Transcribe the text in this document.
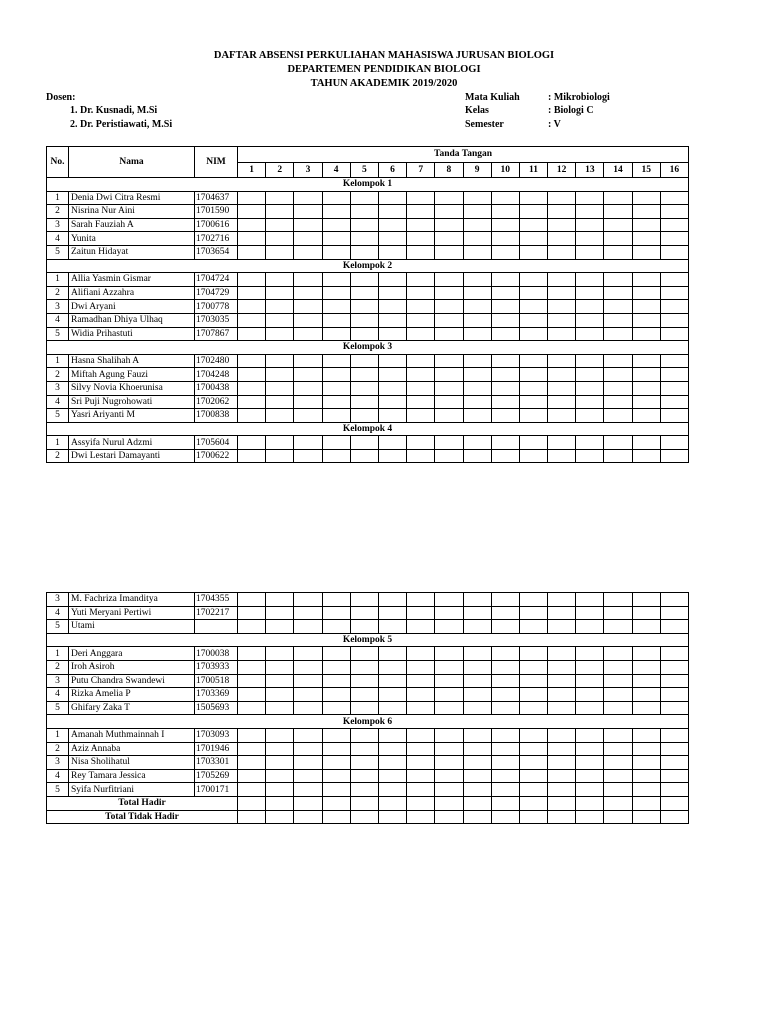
DAFTAR ABSENSI PERKULIAHAN MAHASISWA JURUSAN BIOLOGI
DEPARTEMEN PENDIDIKAN BIOLOGI
TAHUN AKADEMIK 2019/2020
Dosen:
1. Dr. Kusnadi, M.Si
2. Dr. Peristiawati, M.Si
Mata Kuliah	: Mikrobiologi
Kelas	: Biologi C
Semester	: V
No.	Nama	NIM	Tanda Tangan															
			1	2	3	4	5	6	7	8	9	10	11	12	13	14	15	16
Kelompok 1																		
1	Denia Dwi Citra Resmi	1704637																
2	Nisrina Nur Aini	1701590																
3	Sarah Fauziah A	1700616																
4	Yunita	1702716																
5	Zaitun Hidayat	1703654																
Kelompok 2																		
1	Allia Yasmin Gismar	1704724																
2	Alifiani Azzahra	1704729																
3	Dwi Aryani	1700778																
4	Ramadhan Dhiya Ulhaq	1703035																
5	Widia Prihastuti	1707867																
Kelompok 3																		
1	Hasna Shalihah A	1702480																
2	Miftah Agung Fauzi	1704248																
3	Silvy Novia Khoerunisa	1700438																
4	Sri Puji Nugrohowati	1702062																
5	Yasri Ariyanti M	1700838																
Kelompok 4																		
1	Assyifa Nurul Adzmi	1705604																
2	Dwi Lestari Damayanti	1700622																
3	M. Fachriza Imandityа	1704355																
4	Yuti Meryani Pertiwi	1702217																
5	Utami																	
Kelompok 5																		
1	Deri Anggara	1700038																
2	Iroh Asiroh	1703933																
3	Putu Chandra Swandewi	1700518																
4	Rizka Amelia P	1703369																
5	Ghifary Zaka T	1505693																
Kelompok 6																		
1	Amanah Muthmainnah I	1703093																
2	Aziz Annaba	1701946																
3	Nisa Sholihatul	1703301																
4	Rey Tamara Jessica	1705269																
5	Syifa Nurfitriani	1700171																
Total Hadir																		
Total Tidak Hadir																		
